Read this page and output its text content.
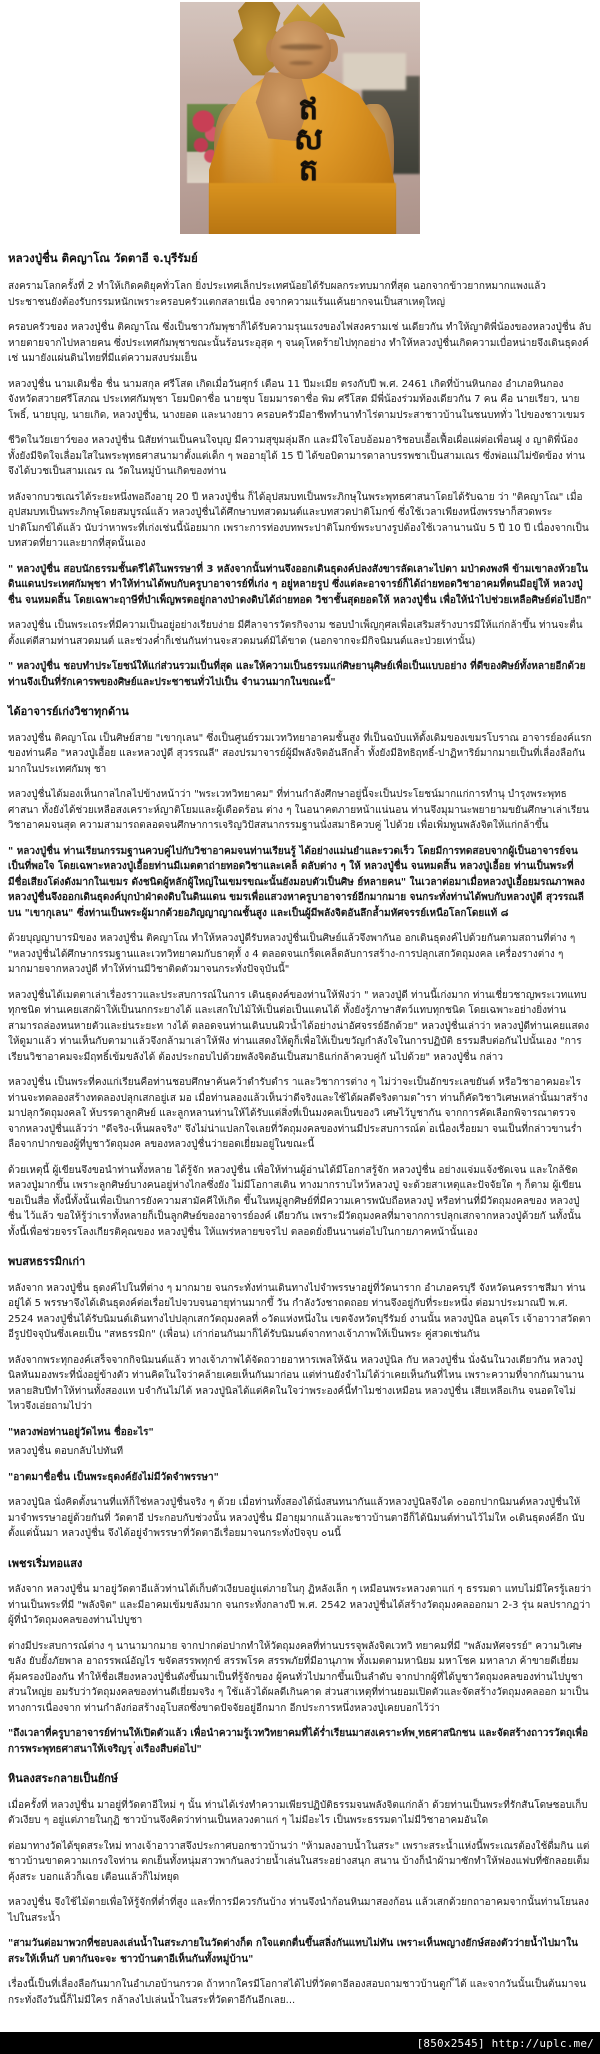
ឥ
ស
ត
หลวงปู่ชื่น ติคญาโณ วัดตาอี จ.บุรีรัมย์

สงครามโลกครั้งที่ 2 ทำให้เกิดคติยุคทั่วโลก ยิ่งประเทศเล็กประเทศน้อยได้รับผลกระทบมากที่สุด นอกจากข้าวยากหมากแพงแล้ว ประชาชนยังต้องรับกรรมหนักเพราะครอบครัวแตกสลายเนื่อ งจากความแร้นแค้นยากจนเป็นสาเหตุใหญ่

ครอบครัวของ หลวงปู่ชื่น ติคญาโณ ซึ่งเป็นชาวกัมพุชาก็ได้รับความรุนแรงของไฟสงครามเช่ นเดียวกัน ทำให้ญาติพี่น้องของหลวงปู่ชื่น ลับหายตายจากไปหลายคน ซึ่งประเทศกัมพุชาขณะนั้นร้อนระอุสุด ๆ จนดุโหดร้ายไปทุกอย่าง ทำให้หลวงปู่ชื่นเกิดความเบื่อหน่ายจึงเดินธุดงค์เช่ นมายังแผ่นดินไทยที่มีแต่ความสงบร่มเย็น

หลวงปู่ชื่น นามเดิมชื่อ ชื่น นามสกุล ศรีโสต เกิดเมื่อวันศุกร์ เดือน 11 ปีมะเมีย ตรงกับปี พ.ศ. 2461 เกิดที่บ้านหินกอง อำเภอหินกอง จังหวัดสวายศรีโสภณ ประเทศกัมพุชา โยมบิดาชื่อ นายชุบ โยมมารดาชื่อ พิม ศรีโสต มีพี่น้องร่วมท้องเดียวกัน 7 คน คือ นายเรียว, นายโพธิ์, นายบุญ, นายเกิด, หลวงปู่ชื่น, นางยอด และนางยาว ครอบครัวมีอาชีพทำนาทำไร่ตามประสาชาวบ้านในชนบททั่ว ไปของชาวเขมร

ชีวิตในวัยเยาว์ของ หลวงปู่ชื่น นิสัยท่านเป็นคนใจบุญ มีความสุขุมลุ่มลึก และมีใจโอบอ้อมอาริชอบเอื้อเฟื้อเผื่อแผ่ต่อเพื่อนฝู ง ญาติพี่น้อง ทั้งยังมีจิตใจเลื่อมใสในพระพุทธศาสนามาตั้งแต่เด็ก ๆ พออายุได้ 15 ปี ได้ขอบิดามารดาลาบรรพชาเป็นสามเณร ซึ่งพ่อแม่ไม่ขัดข้อง ท่านจึงได้บวชเป็นสามเณร ณ วัดในหมู่บ้านเกิดของท่าน

หลังจากบวชเณรได้ระยะหนึ่งพอถึงอายุ 20 ปี หลวงปู่ชื่น ก็ได้อุปสมบทเป็นพระภิกษุในพระพุทธศาสนาโดยได้รับฉาย ว่า "ติคญาโณ" เมื่ออุปสมบทเป็นพระภิกษุโดยสมบูรณ์แล้ว หลวงปู่ชื่นได้ศึกษาบทสวดมนต์และบทสวดปาติโมกข์ ซึ่งใช้เวลาเพียงหนึ่งพรรษาก็สวดพระปาติโมกข์ได้แล้ว นับว่าหาพระที่เก่งเช่นนี้น้อยมาก เพราะการท่องบทพระปาติโมกข์พระบางรูปต้องใช้เวลานานนับ 5 ปี 10 ปี เนื่องจากเป็นบทสวดที่ยาวและยากที่สุดนั้นเอง

" หลวงปู่ชื่น สอบนักธรรมชั้นตรีได้ในพรรษาที่ 3 หลังจากนั้นท่านจึงออกเดินธุดงค์ปลงสังขารลัดเลาะไปตา มป่าดงพงพี ข้ามเขาลงห้วยในดินแดนประเทศกัมพุชา ทำให้ท่านได้พบกับครูบาอาจารย์ที่เก่ง ๆ อยู่หลายรูป ซึ่งแต่ละอาจารย์ก็ได้ถ่ายทอดวิชาอาคมที่ตนมีอยู่ให้ หลวงปู่ชื่น จนหมดสิ้น โดยเฉพาะฤาษีที่บำเพ็ญพรตอยู่กลางป่าดงดิบได้ถ่ายทอด วิชาชั้นสุดยอดให้ หลวงปู่ชื่น เพื่อให้นำไปช่วยเหลือศิษย์ต่อไปอีก"

หลวงปู่ชื่น เป็นพระเถระที่มีความเป็นอยู่อย่างเรียบง่าย มีศีลาจารวัตรกิจงาม ชอบบำเพ็ญกุศลเพื่อเสริมสร้างบารมีให้แก่กล้าขึ้น ท่านจะตื่นตั้งแต่ตีสามท่านสวดมนต์ และช่วงค่ำก็เช่นกันท่านจะสวดมนต์มิได้ขาด (นอกจากจะมีกิจนิมนต์และป่วยเท่านั้น)

" หลวงปู่ชื่น ชอบทำประโยชน์ให้แก่ส่วนรวมเป็นที่สุด และให้ความเป็นธรรมแก่ศิษยานุศิษย์เพื่อเป็นแบบอย่าง ที่ดีของศิษย์ทั้งหลายอีกด้วย ท่านจึงเป็นที่รักเคารพของศิษย์และประชาชนทั่วไปเป็น จำนวนมากในขณะนี้"

ได้อาจารย์เก่งวิชาทุกด้าน

หลวงปู่ชื่น ติคญาโณ เป็นศิษย์สาย "เขากุเลน" ซึ่งเป็นศูนย์รวมเวทวิทยาอาคมชั้นสูง ที่เป็นฉบับแท้ดั้งเดิมของเขมรโบราณ อาจารย์องค์แรกของท่านคือ "หลวงปู่เอื้อย และหลวงปู่ดี สุวรรณลี" สองปรมาจารย์ผู้มีพลังจิตอันลึกล้ำ ทั้งยังมีอิทธิฤทธิ์-ปาฏิหาริย์มากมายเป็นที่เลื่องลือกันมากในประเทศกัมพุ ชา

หลวงปู่ชื่นได้มองเห็นกาลไกลไปข้างหน้าว่า "พระเวทวิทยาคม" ที่ท่านกำลังศึกษาอยู่นี้จะเป็นประโยชน์มากแก่การทำนุ บำรุงพระพุทธศาสนา ทั้งยังได้ช่วยเหลือสงเคราะห์ญาติโยมและผู้เดือดร้อน ต่าง ๆ ในอนาคตภายหน้าแน่นอน ท่านจึงมุมานะพยายามขยันศึกษาเล่าเรียนวิชาอาคมจนสุด ความสามารถตลอดจนศึกษาการเจริญวิปัสสนากรรมฐานนั่งสมาธิควบคู่ ไปด้วย เพื่อเพิ่มพูนพลังจิตให้แก่กล้าขึ้น

" หลวงปู่ชื่น ท่านเรียนกรรมฐานควบคู่ไปกับวิชาอาคมจนท่านเรียนรู้ ได้อย่างแม่นยำและรวดเร็ว โดยมีการทดสอบจากผู้เป็นอาจารย์จนเป็นที่พอใจ โดยเฉพาะหลวงปู่เอื้อยท่านมีเมตตาถ่ายทอดวิชาและเคล็ ดลับต่าง ๆ ให้ หลวงปู่ชื่น จนหมดสิ้น หลวงปู่เอื้อย ท่านเป็นพระที่มีชื่อเสียงโด่งดังมากในเขมร ดังชนิดผู้หลักผู้ใหญ่ในเขมรขณะนั้นยังมอบตัวเป็นศิษ ย์หลายคน" ในเวลาต่อมาเมื่อหลวงปู่เอื้อยมรณภาพลง หลวงปู่ชื่นจึงออกเดินธุดงค์บุกป่าฝ่าดงดิบในดินแดน ขมรเพื่อแสวงหาครูบาอาจารย์อีกมากมาย จนกระทั่งท่านได้พบกับหลวงปู่ดี สุวรรณลี บน "เขากุเลน" ซึ่งท่านเป็นพระผู้มากด้วยอภิญญาญาณชั้นสูง และเป็นผู้มีพลังจิตอันลึกล้ำมหัศจรรย์เหนือโลกโดยแท้ ๘

ด้วยบุญญาบารมิของ หลวงปู่ชื่น ติคญาโณ ทำให้หลวงปู่ดีรับหลวงปู่ชื่นเป็นศิษย์แล้วจึงพากันอ อกเดินธุดงค์ไปด้วยกันตามสถานที่ต่าง ๆ "หลวงปู่ชื่นได้ศึกษากรรมฐานและเวทวิทยาคมกับธาตุทั้ ง 4 ตลอดจนเกร็ดเคล็ดลับการสร้าง-การปลุกเสกวัตถุมงคล เครื่องรางต่าง ๆ มากมายจากหลวงปู่ดี ทำให้ท่านมีวิชาติดตัวมาจนกระทั่งปัจจุบันนี้"

หลวงปู่ชื่นได้เมตตาเล่าเรื่องราวและประสบการณ์ในการ เดินธุดงค์ของท่านให้ฟังว่า " หลวงปู่ดี ท่านนี้เก่งมาก ท่านเชี่ยวชาญพระเวทแทบทุกชนิด ท่านเคยเสกผ้าให้เป็นนกกระยางได้ และเสกใบไม้ให้เป็นต่อเป็นแตนได้ ทั้งยังรู้ภาษาสัตว์แทบทุกชนิด โดยเฉพาะอย่างยิ่งท่านสามารถล่องหนหายตัวและย่นระยะท างได้ ตลอดจนท่านเดินบนผิวน้ำได้อย่างน่าอัศจรรย์อีกด้วย" หลวงปู่ชื่นเล่าว่า หลวงปู่ดีท่านเคยแสดงให้ดูมาแล้ว ท่านเห็นกับตามาแล้วจึงกล้ามาเล่าให้ฟัง ท่านแสดงให้ดูก็เพื่อให้เป็นขวัญกำลังใจในการปฏิบัติ ธรรมสืบต่อกันไปนั้นเอง "การเรียนวิชาอาคมจะมีฤทธิ์เข้มขลังได้ ต้องประกอบไปด้วยพลังจิตอันเป็นสมาธิแก่กล้าควบคู่กั นไปด้วย" หลวงปู่ชื่น กล่าว

หลวงปู่ชื่น เป็นพระที่คงแก่เรียนคือท่านชอบศึกษาค้นคว้าตำรับตำร าและวิชาการต่าง ๆ ไม่ว่าจะเป็นอักขระเลขยันต์ หรือวิชาอาคมอะไรท่านจะทดลองสร้างทดลองปลุกเสกอยู่เส มอ เมื่อท่านลองแล้วเห็นว่าดีจริงและใช้ได้ผลดีจริงตามต ำรา ท่านก็คัดวิชาวิเศษเหล่านั้นมาสร้างมาปลุกวัตถุมงคลใ ห้บรรดาลูกศิษย์ และลูกหลานท่านให้ได้รับแต่สิ่งที่เป็นมงคลเป็นของวิ เศษไว้บูชากัน จากการคัดเลือกพิจารณาตรวจจากหลวงปู่ชื่นแล้วว่า "ดีจริง-เห็นผลจริง" จึงไม่น่าแปลกใจเลยที่วัตถุมงคลของท่านมีประสบการณ์ต ่อเนื่องเรื่อยมา จนเป็นที่กล่าวขานร่ำลือจากปากของผู้ที่บูชาวัตถุมงค ลของหลวงปู่ชื่นว่ายอดเยี่ยมอยู่ในขณะนี้

ด้วยเหตุนี้ ผู้เขียนจึงขอนำท่านทั้งหลาย ได้รู้จัก หลวงปู่ชื่น เพื่อให้ท่านผู้อ่านได้มีโอกาสรู้จัก หลวงปู่ชื่น อย่างแจ่มแจ้งชัดเจน และใกล้ชิดหลวงปู่มากขึ้น เพราะลูกศิษย์บางคนอยู่ห่างไกลซึ่งยัง ไม่มีโอกาสเดิน ทางมากราบไหว้หลวงปู่ จะด้วยสาเหตุและปัจจัยใด ๆ ก็ตาม ผู้เขียนขอเป็นสื่อ ทั้งนี้ทั้งนั้นเพื่อเป็นการยังความสามัคคีให้เกิด ขึ้นในหมู่ลูกศิษย์ที่มีความเคารพนับถือหลวงปู่ หรือท่านที่มีวัตถุมงคลของ หลวงปู่ชื่น ไว้แล้ว ขอให้รู้ว่าเราทั้งหลายก็เป็นลูกศิษย์ของอาจารย์องค์ เดียวกัน เพราะมีวัตถุมงคลที่มาจากการปลุกเสกจากหลวงปู่ด้วยกั นทั้งนั้น ทั้งนี้เพื่อช่วยจรรโลงเกียรติคุณของ หลวงปู่ชื่น ให้แพร่หลายขจรไป ตลอดยั่งยืนนานต่อไปในกายภาคหน้านั้นเอง

พบสหธรรมิกเก่า

หลังจาก หลวงปู่ชื่น ธุดงค์ไปในที่ต่าง ๆ มากมาย จนกระทั่งท่านเดินทางไปจำพรรษาอยู่ที่วัดนาราก อำเภอครบุรี จังหวัดนครราชสีมา ท่านอยู่ได้ 5 พรรษาจึงได้เดินธุดงค์ต่อเรื่อยไปจวบจนอายุท่านมากขึ้ วัน กำลังวังชาถดถอย ท่านจึงอยู่กับที่ระยะหนึ่ง ต่อมาประมาณปี พ.ศ. 2524 หลวงปู่ชื่นได้รับนิมนต์เดินทางไปปลุกเสกวัตถุมงคลที่ ๐วัดแห่งหนึ่งใน เขตจังหวัดบุรีรัมย์ งานนั้น หลวงปู่นิล อนุตโร เจ้าอาวาสวัดตาอีรูปปัจจุบันซึ่งเคยเป็น "สหธรรมิก" (เพื่อน) เก่าก่อนกันมาก็ได้รับนิมนต์จากทางเจ้าภาพให้เป็นพระ คู่สวดเช่นกัน

หลังจากพระทุกองค์เสร็จจากกิจนิมนต์แล้ว ทางเจ้าภาพได้จัดถวายอาหารเพลให้ฉัน หลวงปู่นิล กับ หลวงปู่ชื่น นั่งฉันในวงเดียวกัน หลวงปู่นิลหันมองพระที่นั่งอยู่ข้างตัว ท่านคิดในใจว่าคล้ายเคยเห็นกันมาก่อน แต่ท่านยังจำไม่ได้ว่าเคยเห็นกันที่ไหน เพราะความที่จากกันมานานหลายสิบปีทำให้ท่านทั้งสองแท บจำกันไม่ได้ หลวงปู่นิลได้แต่คิดในใจว่าพระองค์นี้ทำไมช่างเหมือน หลวงปู่ชื่น เสียเหลือเกิน จนอดใจไม่ไหวจึงเอ่ยถามไปว่า

"หลวงพ่อท่านอยู่วัดไหน ชื่ออะไร"

หลวงปู่ชื่น ตอบกลับไปทันที

"อาตมาชื่อชื่น เป็นพระธุดงค์ยังไม่มีวัดจำพรรษา"

หลวงปู่นิล นั่งคิดตั้งนานที่แท้ก็ใช่หลวงปู่ชื่นจริง ๆ ด้วย เมื่อท่านทั้งสองได้นั่งสนทนากันแล้วหลวงปู่นิลจึงได ๐ออกปากนิมนต์หลวงปู่ชื่นให้มาจำพรรษาอยู่ด้วยกันที่ วัดตาอี ประกอบกับช่วงนั้น หลวงปู่ชื่น มีอายุมากแล้วและชาวบ้านตาอีก็ได้นิมนต์ท่านไว้ไม่ให ๐เดินธุดงค์อีก นับตั้งแต่นั้นมา หลวงปู่ชื่น จึงได้อยู่จำพรรษาที่วัดตาอีเรื่อยมาจนกระทั่งปัจจุบ ๐นนี้

เพชรเริ่มทอแสง

หลังจาก หลวงปู่ชื่น มาอยู่วัดตาอีแล้วท่านได้เก็บตัวเงียบอยู่แต่ภายในกุ ฏิหลังเล็ก ๆ เหมือนพระหลวงตาแก่ ๆ ธรรมดา แทบไม่มีใครรู้เลยว่าท่านเป็นพระที่มี "พลังจิต" และมีอาคมเข้มขลังมาก จนกระทั่งกลางปี พ.ศ. 2542 หลวงปู่ชื่นได้สร้างวัตถุมงคลออกมา 2-3 รุ่น ผลปรากฏว่าผู้ที่นำวัตถุมงคลของท่านไปบูชา

ต่างมีประสบการณ์ต่าง ๆ นานามากมาย จากปากต่อปากทำให้วัตถุมงคลที่ท่านบรรจุพลังจิตเวทวิ ทยาคมที่มี "พลังมหัศจรรย์" ความวิเศษขลัง ยับยั้งภัยพาล อาถรรพณ์อัญไร ขจัดสรรพทุกข์ สรรพโรค สรรพภัยที่มีอานุภาพ ทั้งเมตตามหานิยม มหาโชค มหาลาภ ค้าขายดีเยี่ยม คุ้มครองป้องกัน ทำให้ชื่อเสียงหลวงปู่ชื่นดังขึ้นมาเป็นที่รู้จักของ ผู้คนทั่วไปมากขึ้นเป็นลำดับ จากปากผู้ที่ได้บูชาวัตถุมงคลของท่านไปบูชาส่วนใหญ่ย อมรับว่าวัตถุมงคลของท่านดีเยี่ยมจริง ๆ ใช้แล้วได้ผลดีเกินคาด ส่วนสาเหตุที่ท่านยอมเปิดตัวและจัดสร้างวัตถุมงคลออก มาเป็นทางการเนื่องจาก ท่านกำลังก่อสร้างอุโบสถซึ่งขาดปัจจัยอยู่อีกมาก อีกประการหนึ่งหลวงปู่เคยบอกไว้ว่า

"ถึงเวลาที่ครูบาอาจารย์ท่านให้เปิดตัวแล้ว เพื่อนำความรู้เวทวิทยาคมที่ได้ร่ำเรียนมาสงเคราะห์พ ุทธศาสนิกชน และจัดสร้างถาวรวัตถุเพื่อการพระพุทธศาสนาให้เจริญรุ ่งเรืองสืบต่อไป"

หินลงสระกลายเป็นยักษ์

เมื่อครั้งที่ หลวงปู่ชื่น มาอยู่ที่วัดตาอีใหม่ ๆ นั้น ท่านได้เร่งทำความเพียรปฏิบัติธรรมจนพลังจิตแก่กล้า ด้วยท่านเป็นพระที่รักสันโดษชอบเก็บตัวเงียบ ๆ อยู่แต่ภายในกุฏิ ชาวบ้านจึงคิดว่าท่านเป็นหลวงตาแก่ ๆ ไม่มีอะไร เป็นพระธรรมดาไม่มีวิชาอาคมอันใด

ต่อมาทางวัดได้ขุดสระใหม่ ทางเจ้าอาวาสจึงประกาศบอกชาวบ้านว่า "ห้ามลงอาบน้ำในสระ" เพราะสระน้ำแห่งนี้พระเณรต้องใช้ดื่มกิน แต่ชาวบ้านขาดความเกรงใจท่าน ตกเย็นทั้งหนุ่มสาวพากันลงว่ายน้ำเล่นในสระอย่างสนุก สนาน บ้างก็นำผ้ามาซักทำให้ฟองแฟบที่ซักลอยเต็มคุ้งสระ บอกแล้วก็เฉย เตือนแล้วก็ไม่หยุด

หลวงปู่ชื่น จึงใช้ไม้ตายเพื่อให้รู้จักที่ต่ำที่สูง และที่การมีควรกันบ้าง ท่านจึงนำก้อนหินมาสองก้อน แล้วเสกด้วยกถาอาคมจากนั้นท่านโยนลงไปในสระน้ำ

"สามวันต่อมาพวกที่ชอบลงเล่นน้ำในสระภายในวัดต่างก็ต กใจแตกตื่นขึ้นสลิ่งกันแทบไม่ทัน เพราะเห็นพญางยักษ์สองตัวว่ายน้ำไปมาในสระให้เห็นกั บตากันจะจะ ชาวบ้านตาอีเห็นกันทั้งหมู่บ้าน"

เรื่องนี้เป็นที่เลื่องลือกันมากในอำเภอบ้านกรวด ถ้าหากใครมีโอกาสได้ไปที่วัดตาอีลองสอบถามชาวบ้านดูก ็ได้ และจากวันนั้นเป็นต้นมาจนกระทั่งถึงวันนี้ก็ไม่มีใคร กล้าลงไปเล่นน้ำในสระที่วัดตาอีกันอีกเลย...

[850x2545] http://uplc.me/
